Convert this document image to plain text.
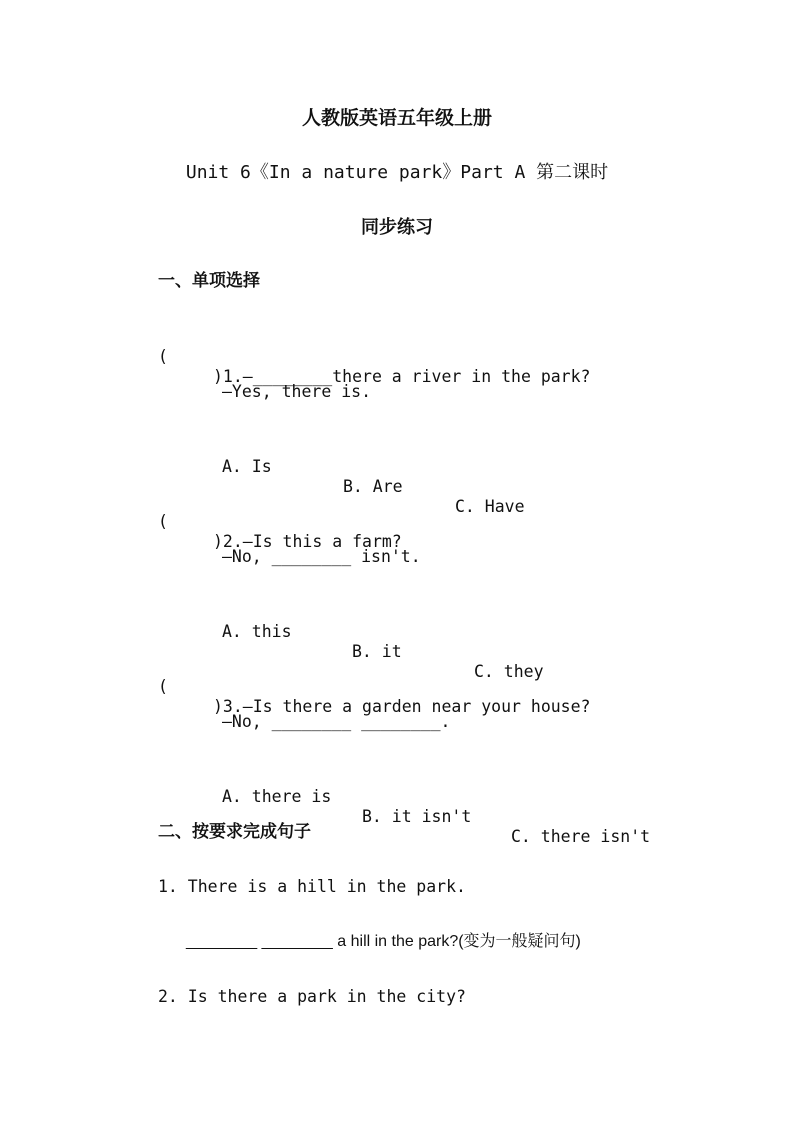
人教版英语五年级上册
Unit 6《In a nature park》Part A 第二课时
同步练习
一、单项选择

(

)1.—________there a river in the park?

—Yes, there is.

A. Is

B. Are

C. Have

(

)2.—Is this a farm?

—No, ________ isn't.

A. this

B. it

C. they

(

)3.—Is there a garden near your house?

—No, ________ ________.

A. there is

B. it isn't

C. there isn't

二、按要求完成句子
1. There is a hill in the park.
________ ________ a hill in the park?(变为一般疑问句)
2. Is there a park in the city?
